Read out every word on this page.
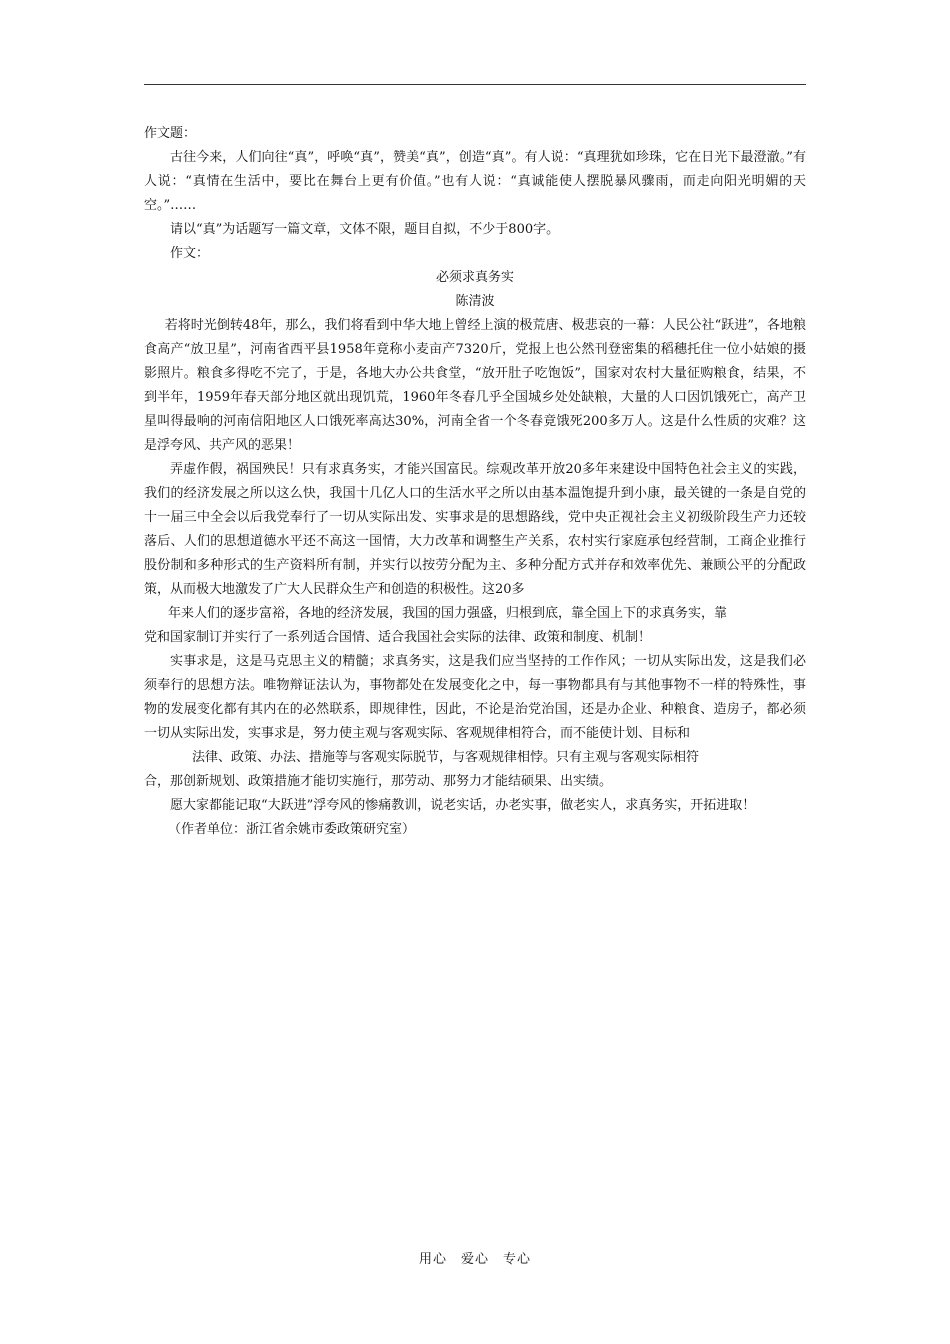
作文题：

古往今来，人们向往“真”，呼唤“真”，赞美“真”，创造“真”。有人说：“真理犹如珍珠，它在日光下最澄澈。”有人说：“真情在生活中，要比在舞台上更有价值。”也有人说：“真诚能使人摆脱暴风骤雨，而走向阳光明媚的天空。”……

请以“真”为话题写一篇文章，文体不限，题目自拟，不少于800字。

作文：

必须求真务实

陈清波

若将时光倒转48年，那么，我们将看到中华大地上曾经上演的极荒唐、极悲哀的一幕：人民公社“跃进”，各地粮食高产“放卫星”，河南省西平县1958年竟称小麦亩产7320斤，党报上也公然刊登密集的稻穗托住一位小姑娘的摄影照片。粮食多得吃不完了，于是，各地大办公共食堂，“放开肚子吃饱饭”，国家对农村大量征购粮食，结果，不到半年，1959年春天部分地区就出现饥荒，1960年冬春几乎全国城乡处处缺粮，大量的人口因饥饿死亡，高产卫星叫得最响的河南信阳地区人口饿死率高达30%，河南全省一个冬春竟饿死200多万人。这是什么性质的灾难？这是浮夸风、共产风的恶果！

弄虚作假，祸国殃民！只有求真务实，才能兴国富民。综观改革开放20多年来建设中国特色社会主义的实践，我们的经济发展之所以这么快，我国十几亿人口的生活水平之所以由基本温饱提升到小康，最关键的一条是自党的十一届三中全会以后我党奉行了一切从实际出发、实事求是的思想路线，党中央正视社会主义初级阶段生产力还较落后、人们的思想道德水平还不高这一国情，大力改革和调整生产关系，农村实行家庭承包经营制，工商企业推行股份制和多种形式的生产资料所有制，并实行以按劳分配为主、多种分配方式并存和效率优先、兼顾公平的分配政策，从而极大地激发了广大人民群众生产和创造的积极性。这20多

年来人们的逐步富裕，各地的经济发展，我国的国力强盛，归根到底，靠全国上下的求真务实，靠

党和国家制订并实行了一系列适合国情、适合我国社会实际的法律、政策和制度、机制！

实事求是，这是马克思主义的精髓；求真务实，这是我们应当坚持的工作作风；一切从实际出发，这是我们必须奉行的思想方法。唯物辩证法认为，事物都处在发展变化之中，每一事物都具有与其他事物不一样的特殊性，事物的发展变化都有其内在的必然联系，即规律性，因此，不论是治党治国，还是办企业、种粮食、造房子，都必须一切从实际出发，实事求是，努力使主观与客观实际、客观规律相符合，而不能使计划、目标和

法律、政策、办法、措施等与客观实际脱节，与客观规律相悖。只有主观与客观实际相符

合，那创新规划、政策措施才能切实施行，那劳动、那努力才能结硕果、出实绩。

愿大家都能记取“大跃进”浮夸风的惨痛教训，说老实话，办老实事，做老实人，求真务实，开拓进取！

（作者单位：浙江省余姚市委政策研究室）

用心　爱心　专心
